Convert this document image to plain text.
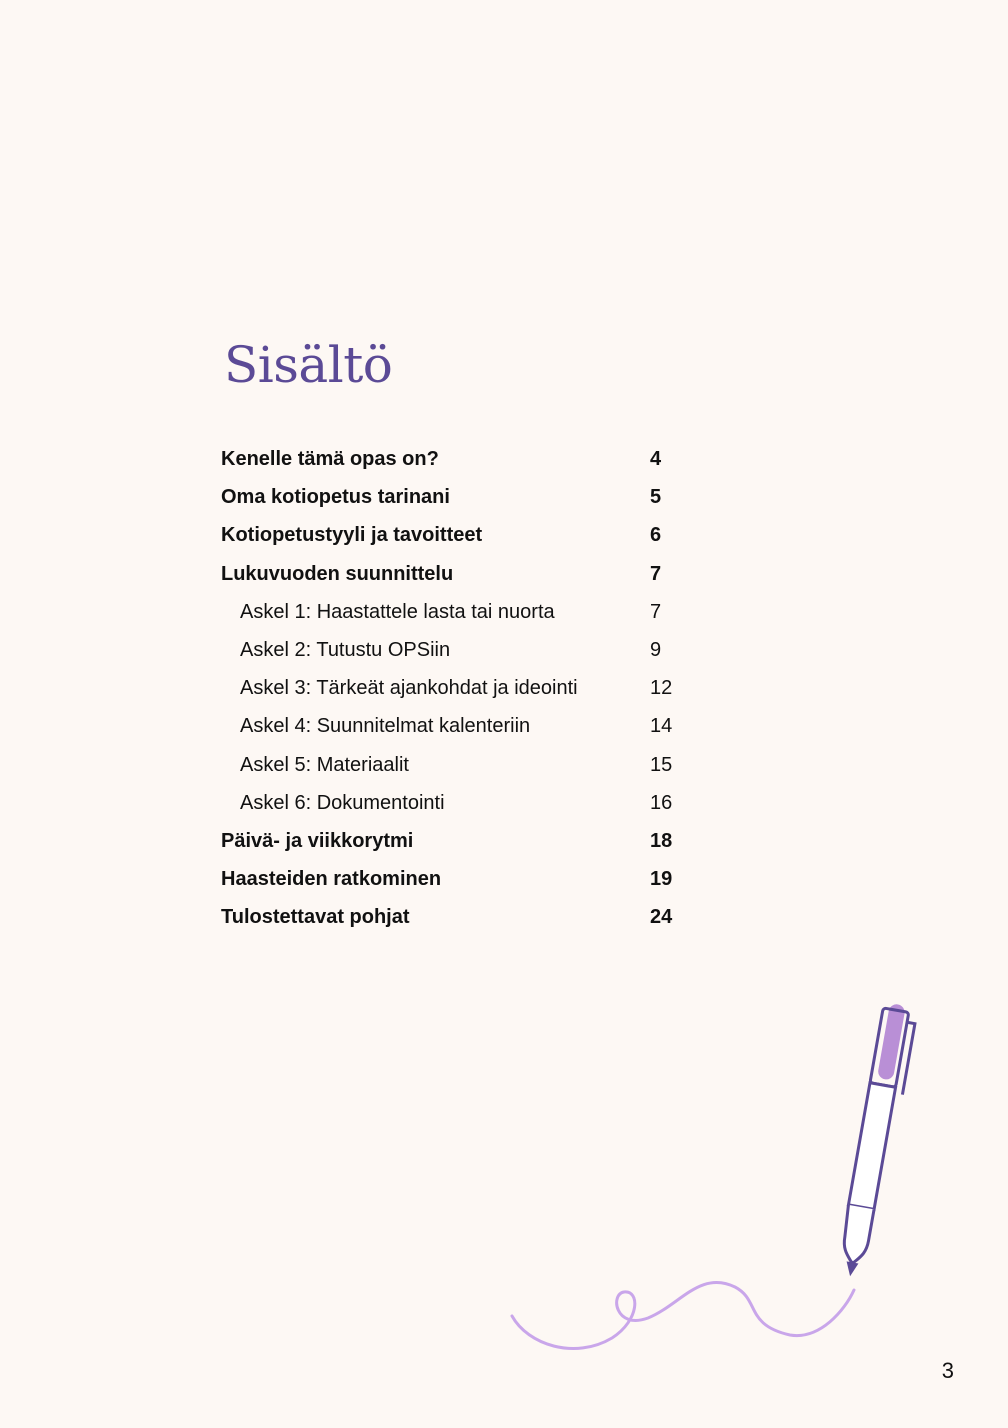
Sisältö
Kenelle tämä opas on?	4
Oma kotiopetus tarinani	5
Kotiopetustyyli ja tavoitteet	6
Lukuvuoden suunnittelu	7
Askel 1: Haastattele lasta tai nuorta	7
Askel 2: Tutustu OPSiin	9
Askel 3: Tärkeät ajankohdat ja ideointi	12
Askel 4: Suunnitelmat kalenteriin	14
Askel 5: Materiaalit	15
Askel 6: Dokumentointi	16
Päivä- ja viikkorytmi	18
Haasteiden ratkominen	19
Tulostettavat pohjat	24
3
